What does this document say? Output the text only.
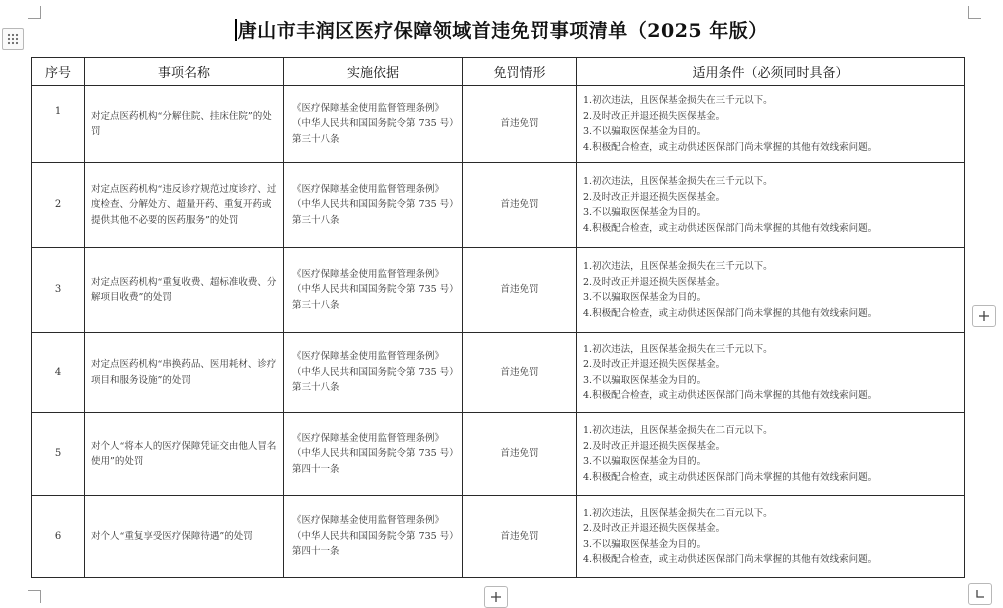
唐山市丰润区医疗保障领域首违免罚事项清单（2025 年版）
序号	事项名称	实施依据	免罚情形	适用条件（必须同时具备）
1	对定点医药机构“分解住院、挂床住院”的处罚	《医疗保障基金使用监督管理条例》（中华人民共和国国务院令第 735 号）第三十八条	首违免罚	1.初次违法，且医保基金损失在三千元以下。
2.及时改正并退还损失医保基金。
3.不以骗取医保基金为目的。
4.积极配合检查，或主动供述医保部门尚未掌握的其他有效线索问题。

2	对定点医药机构“违反诊疗规范过度诊疗、过度检查、分解处方、超量开药、重复开药或提供其他不必要的医药服务”的处罚	《医疗保障基金使用监督管理条例》（中华人民共和国国务院令第 735 号）第三十八条	首违免罚	1.初次违法，且医保基金损失在三千元以下。
2.及时改正并退还损失医保基金。
3.不以骗取医保基金为目的。
4.积极配合检查，或主动供述医保部门尚未掌握的其他有效线索问题。

3	对定点医药机构“重复收费、超标准收费、分解项目收费”的处罚	《医疗保障基金使用监督管理条例》（中华人民共和国国务院令第 735 号）第三十八条	首违免罚	1.初次违法，且医保基金损失在三千元以下。
2.及时改正并退还损失医保基金。
3.不以骗取医保基金为目的。
4.积极配合检查，或主动供述医保部门尚未掌握的其他有效线索问题。

4	对定点医药机构“串换药品、医用耗材、诊疗项目和服务设施”的处罚	《医疗保障基金使用监督管理条例》（中华人民共和国国务院令第 735 号）第三十八条	首违免罚	1.初次违法，且医保基金损失在三千元以下。
2.及时改正并退还损失医保基金。
3.不以骗取医保基金为目的。
4.积极配合检查，或主动供述医保部门尚未掌握的其他有效线索问题。

5	对个人“将本人的医疗保障凭证交由他人冒名使用”的处罚	《医疗保障基金使用监督管理条例》（中华人民共和国国务院令第 735 号）第四十一条	首违免罚	1.初次违法，且医保基金损失在二百元以下。
2.及时改正并退还损失医保基金。
3.不以骗取医保基金为目的。
4.积极配合检查，或主动供述医保部门尚未掌握的其他有效线索问题。

6	对个人“重复享受医疗保障待遇”的处罚	《医疗保障基金使用监督管理条例》（中华人民共和国国务院令第 735 号）第四十一条	首违免罚	1.初次违法，且医保基金损失在二百元以下。
2.及时改正并退还损失医保基金。
3.不以骗取医保基金为目的。
4.积极配合检查，或主动供述医保部门尚未掌握的其他有效线索问题。
